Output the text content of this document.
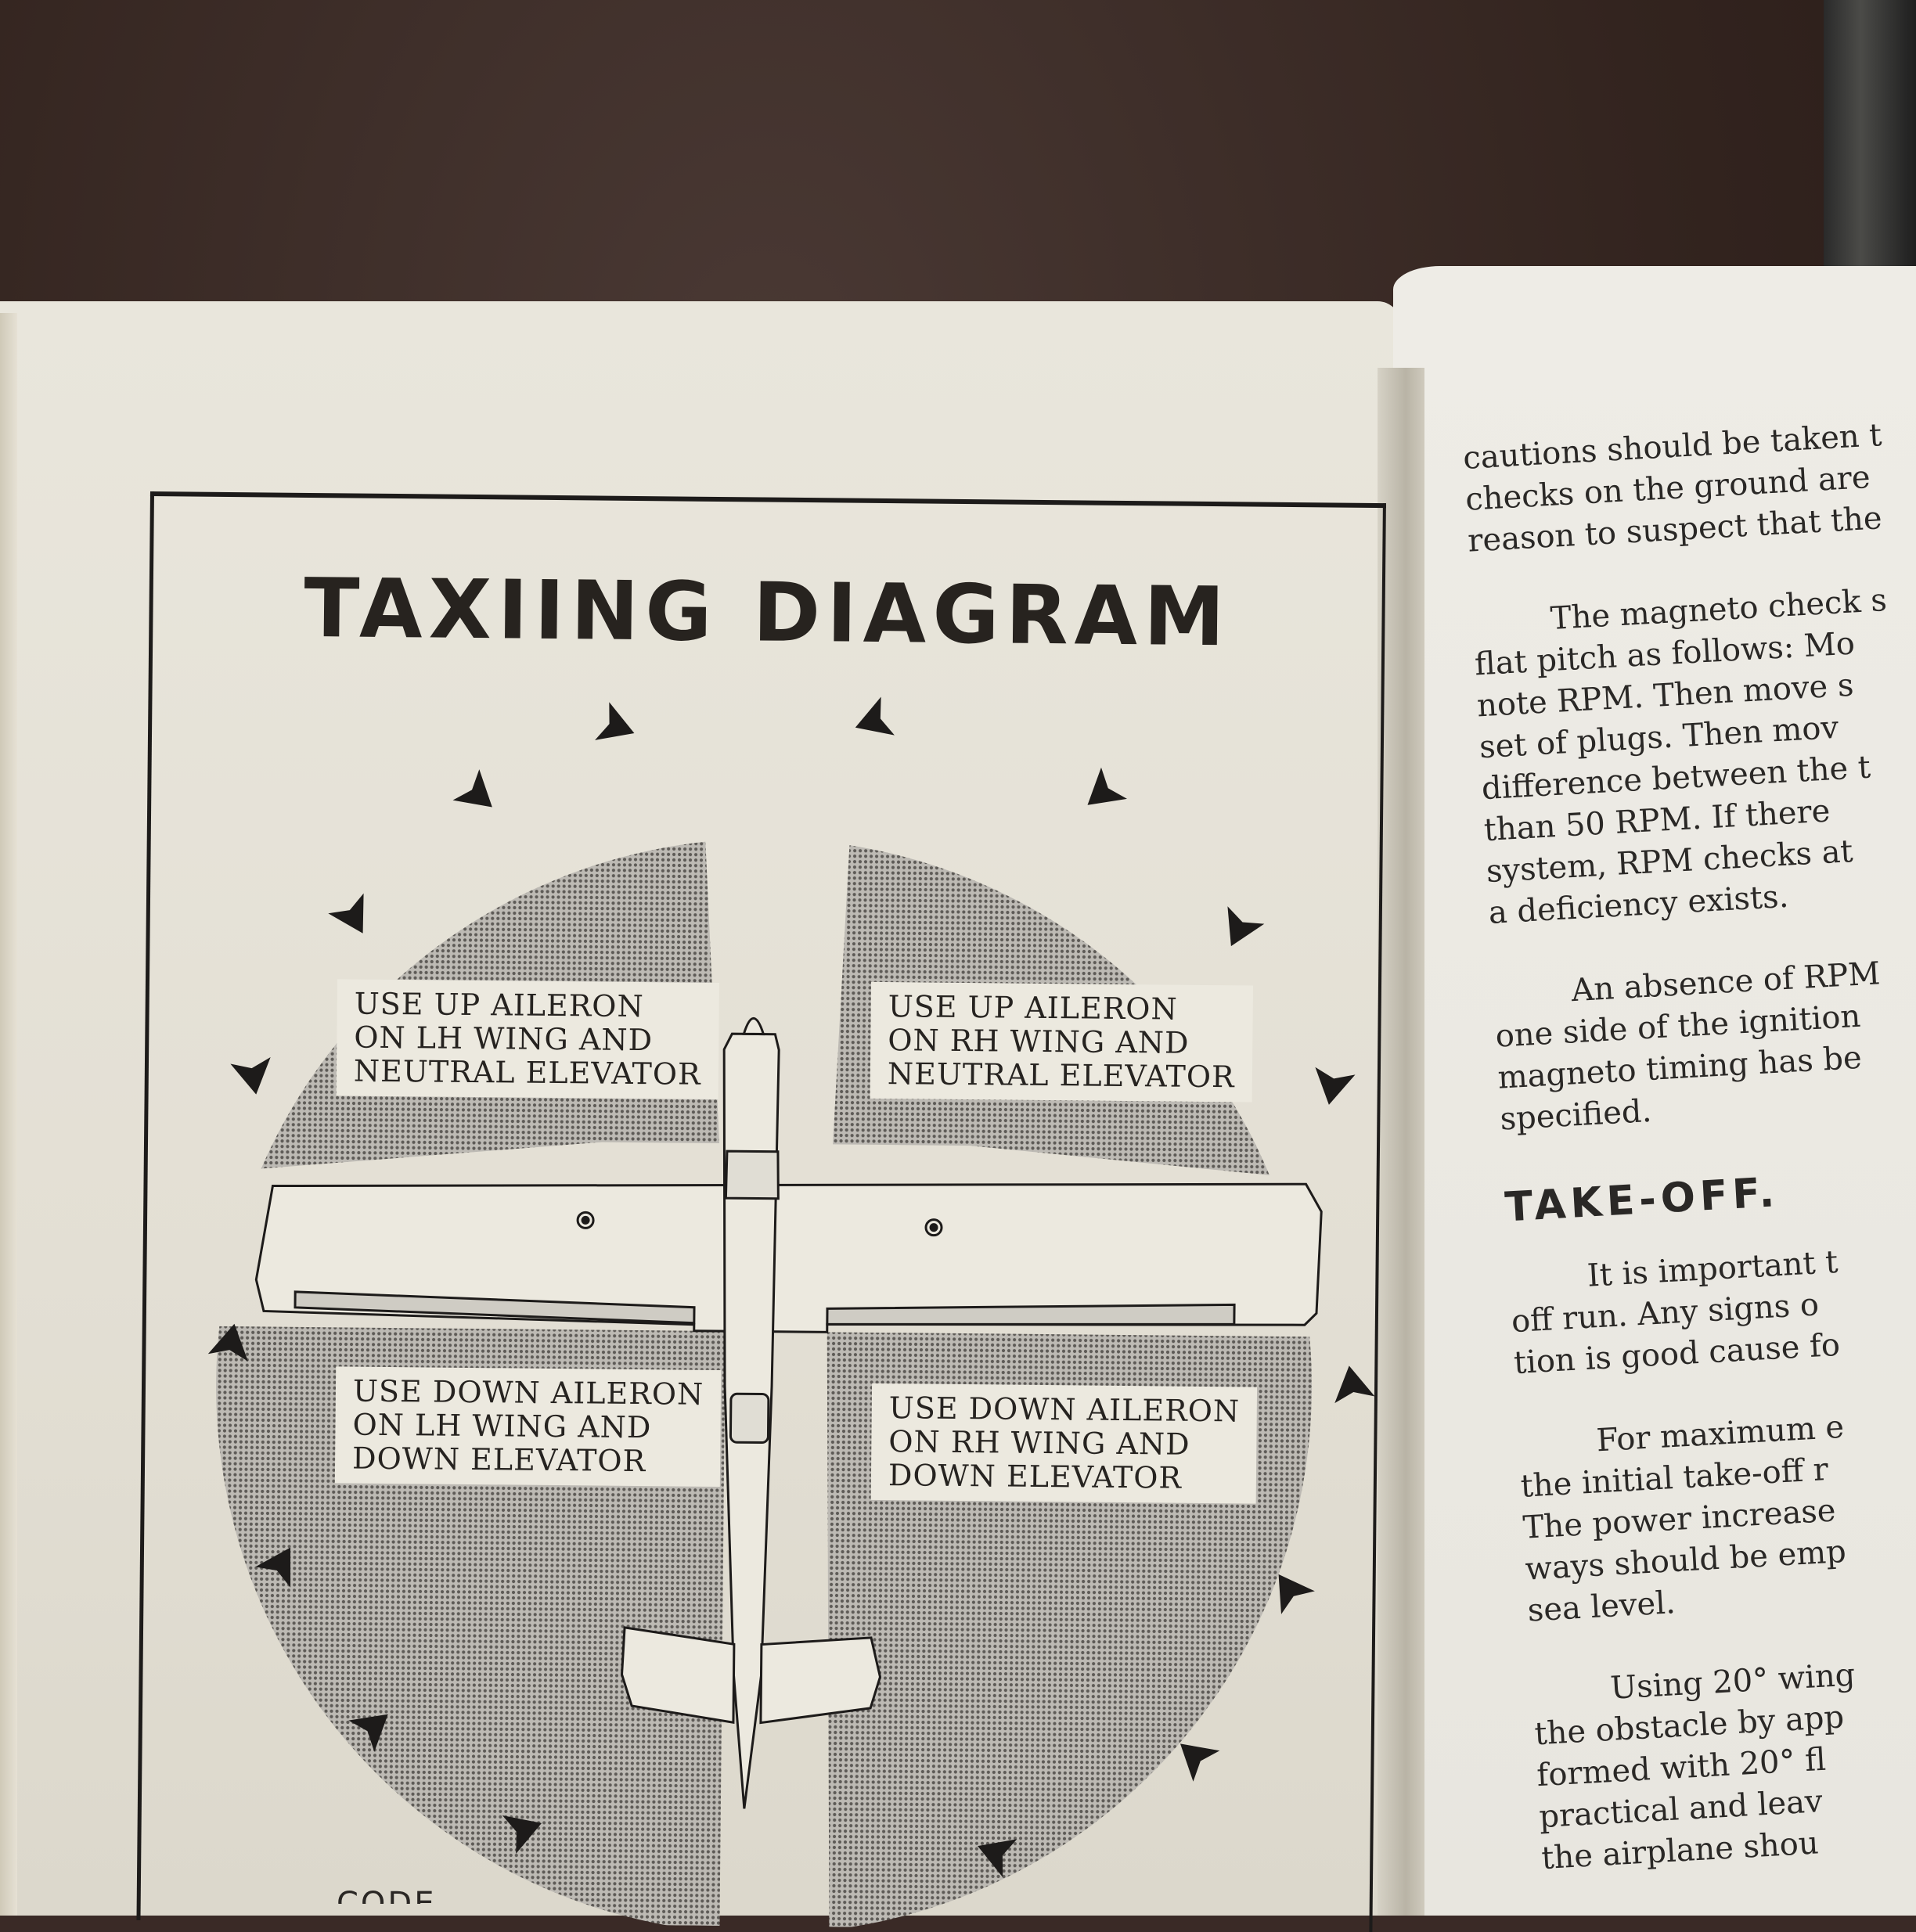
TAXIING DIAGRAM
USE UP AILERON
ON LH WING AND
NEUTRAL ELEVATOR
USE UP AILERON
ON RH WING AND
NEUTRAL ELEVATOR
USE DOWN AILERON
ON LH WING AND
DOWN ELEVATOR
USE DOWN AILERON
ON RH WING AND
DOWN ELEVATOR

cautions should be taken t
checks on the ground are
reason to suspect that the

The magneto check s
flat pitch as follows: Mo
note RPM. Then move s
set of plugs. Then mov
difference between the t
than 50 RPM. If there
system, RPM checks at
a deficiency exists.

An absence of RPM
one side of the ignition
magneto timing has be
specified.

TAKE-OFF.

It is important t
off run. Any signs o
tion is good cause fo

For maximum e
the initial take-off r
The power increase
ways should be emp
sea level.

Using 20° wing
the obstacle by app
formed with 20° fl
practical and leav
the airplane shou
